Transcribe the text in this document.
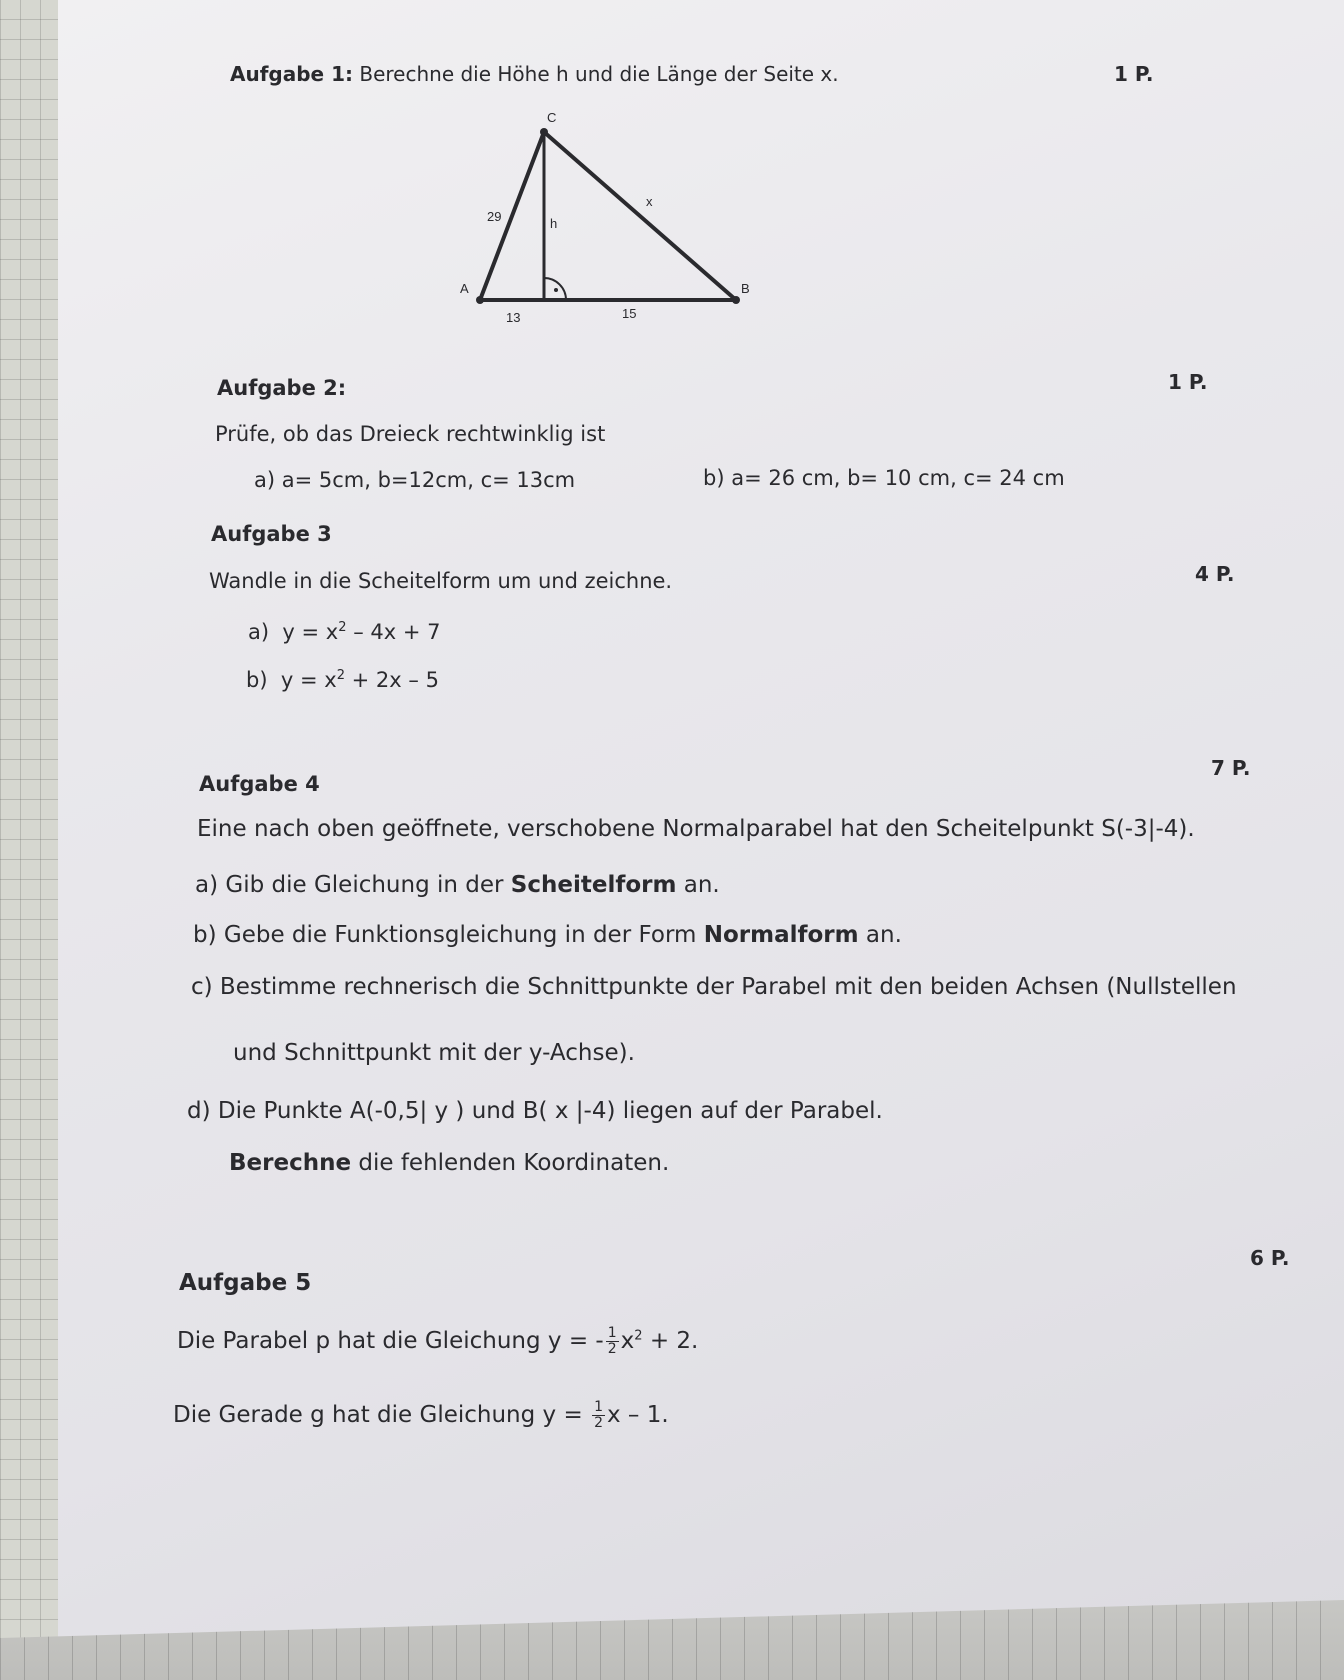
Aufgabe 1: Berechne die Höhe h und die Länge der Seite x.	1 P.
C
A	B
29	h
x
13	15
Aufgabe 2:	1 P.
Prüfe, ob das Dreieck rechtwinklig ist
a) a= 5cm, b=12cm, c= 13cm	b) a= 26 cm, b= 10 cm, c= 24 cm
Aufgabe 3
Wandle in die Scheitelform um und zeichne.	4 P.
a) $y = x^2 - 4x + 7$
b) $y = x^2 + 2x - 5$
7 P.
Aufgabe 4
Eine nach oben geöffnete, verschobene Normalparabel hat den Scheitelpunkt S(-3|-4).
a) Gib die Gleichung in der Scheitelform an.
b) Gebe die Funktionsgleichung in der Form Normalform an.
c) Bestimme rechnerisch die Schnittpunkte der Parabel mit den beiden Achsen (Nullstellen
und Schnittpunkt mit der y-Achse).
d) Die Punkte A(-0,5| y ) und B( x |-4) liegen auf der Parabel.
Berechne die fehlenden Koordinaten.
6 P.
Aufgabe 5
Die Parabel p hat die Gleichung y = - $\frac{1}{2} x^2 + 2$.
Die Gerade g hat die Gleichung $y = \frac{1}{2}$ x – 1.
